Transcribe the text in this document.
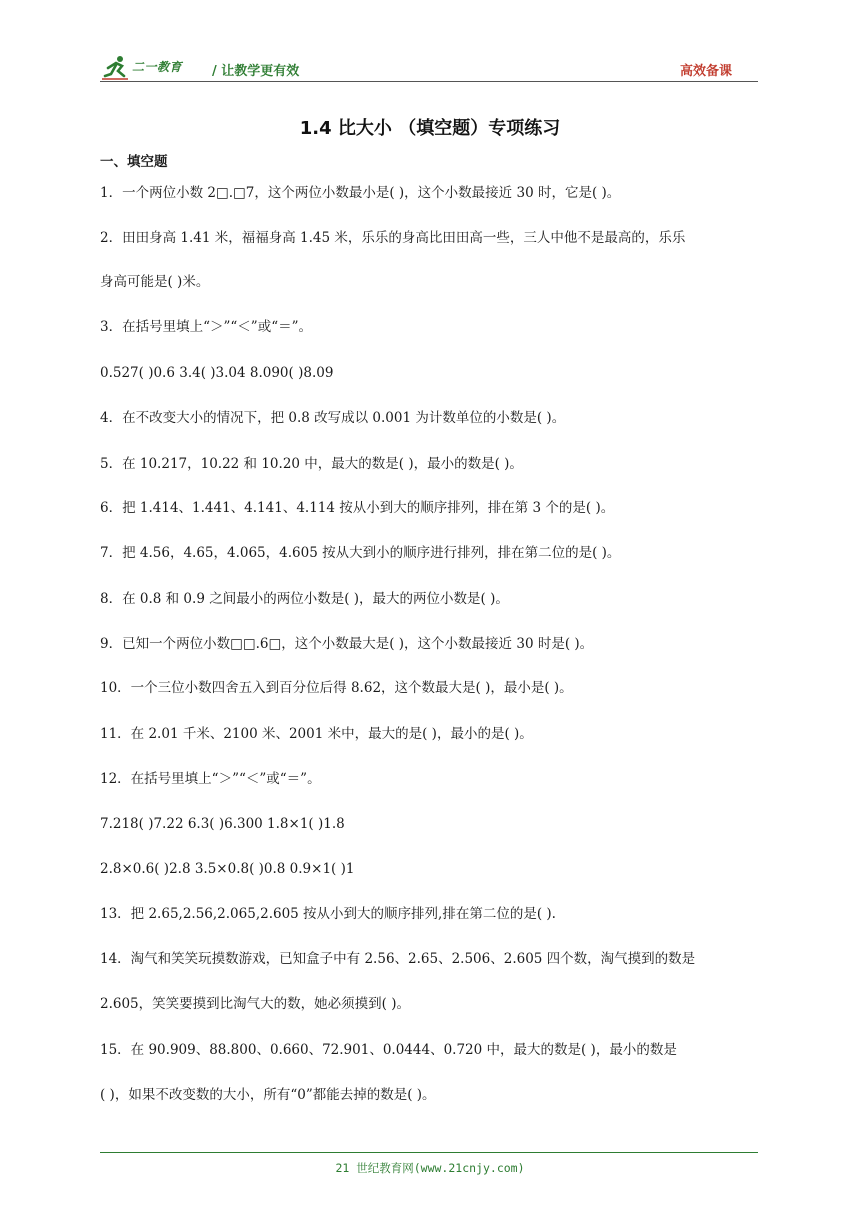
二一教育 / 让教学更有效	高效备课
1.4 比大小 （填空题）专项练习
一、填空题
1．一个两位小数 2□.□7，这个两位小数最小是( )，这个小数最接近 30 时，它是( )。
2．田田身高 1.41 米，福福身高 1.45 米，乐乐的身高比田田高一些，三人中他不是最高的，乐乐
身高可能是( )米。
3．在括号里填上“＞”“＜”或“＝”。
0.527( )0.6 3.4( )3.04 8.090( )8.09
4．在不改变大小的情况下，把 0.8 改写成以 0.001 为计数单位的小数是( )。
5．在 10.217，10.22 和 10.20 中，最大的数是( )，最小的数是( )。
6．把 1.414、1.441、4.141、4.114 按从小到大的顺序排列，排在第 3 个的是( )。
7．把 4.56，4.65，4.065，4.605 按从大到小的顺序进行排列，排在第二位的是( )。
8．在 0.8 和 0.9 之间最小的两位小数是( )，最大的两位小数是( )。
9．已知一个两位小数□□.6□，这个小数最大是( )，这个小数最接近 30 时是( )。
10．一个三位小数四舍五入到百分位后得 8.62，这个数最大是( )，最小是( )。
11．在 2.01 千米、2100 米、2001 米中，最大的是( )，最小的是( )。
12．在括号里填上“＞”“＜”或“＝”。
7.218( )7.22 6.3( )6.300 1.8×1( )1.8
2.8×0.6( )2.8 3.5×0.8( )0.8 0.9×1( )1
13．把 2.65,2.56,2.065,2.605 按从小到大的顺序排列,排在第二位的是( ).
14．淘气和笑笑玩摸数游戏，已知盒子中有 2.56、2.65、2.506、2.605 四个数，淘气摸到的数是
2.605，笑笑要摸到比淘气大的数，她必须摸到( )。
15．在 90.909、88.800、0.660、72.901、0.0444、0.720 中，最大的数是( )，最小的数是
( )，如果不改变数的大小，所有“0”都能去掉的数是( )。
21 世纪教育网(www.21cnjy.com)
